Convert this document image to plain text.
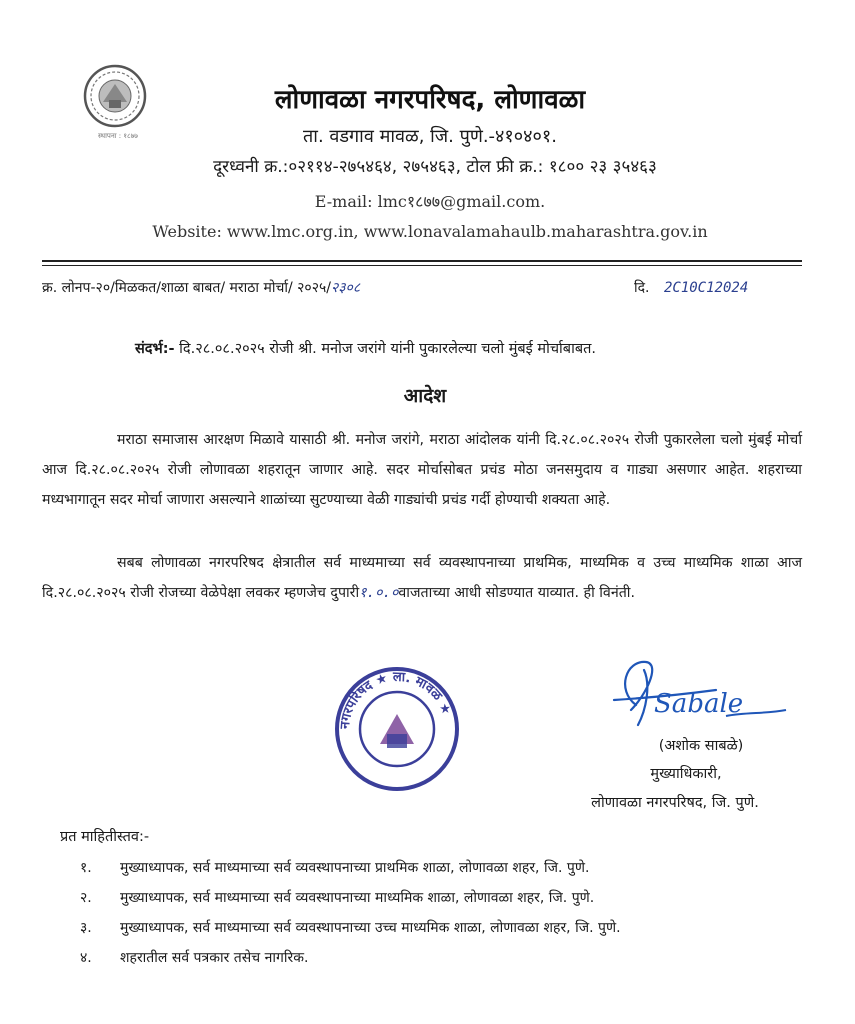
स्थापना : १८७७
लोणावळा नगरपरिषद, लोणावळा
ता. वडगाव मावळ, जि. पुणे.-४१०४०१.
दूरध्वनी क्र.:०२११४-२७५४६४, २७५४६३, टोल फ्री क्र.: १८०० २३ ३५४६३
E-mail: lmc१८७७@gmail.com.
Website: www.lmc.org.in, www.lonavalamahaulb.maharashtra.gov.in
क्र. लोनप-२०/मिळकत/शाळा बाबत/ मराठा मोर्चा/ २०२५/२३०८	दि. 2C10C12024
संदर्भ:- दि.२८.०८.२०२५ रोजी श्री. मनोज जरांगे यांनी पुकारलेल्या चलो मुंबई मोर्चाबाबत.
आदेश
मराठा समाजास आरक्षण मिळावे यासाठी श्री. मनोज जरांगे, मराठा आंदोलक यांनी दि.२८.०८.२०२५ रोजी पुकारलेला चलो मुंबई मोर्चा आज दि.२८.०८.२०२५ रोजी लोणावळा शहरातून जाणार आहे. सदर मोर्चासोबत प्रचंड मोठा जनसमुदाय व गाड्या असणार आहेत. शहराच्या मध्यभागातून सदर मोर्चा जाणारा असल्याने शाळांच्या सुटण्याच्या वेळी गाड्यांची प्रचंड गर्दी होण्याची शक्यता आहे.
सबब लोणावळा नगरपरिषद क्षेत्रातील सर्व माध्यमाच्या सर्व व्यवस्थापनाच्या प्राथमिक, माध्यमिक व उच्च माध्यमिक शाळा आज दि.२८.०८.२०२५ रोजी रोजच्या वेळेपेक्षा लवकर म्हणजेच दुपारी१.०.०वाजताच्या आधी सोडण्यात याव्यात. ही विनंती.
नगरपरिषद ★ ला. मावळ ★	Sabale
(अशोक साबळे)
मुख्याधिकारी,
लोणावळा नगरपरिषद, जि. पुणे.
प्रत माहितीस्तव:-
१.	मुख्याध्यापक, सर्व माध्यमाच्या सर्व व्यवस्थापनाच्या प्राथमिक शाळा, लोणावळा शहर, जि. पुणे.
२.	मुख्याध्यापक, सर्व माध्यमाच्या सर्व व्यवस्थापनाच्या माध्यमिक शाळा, लोणावळा शहर, जि. पुणे.
३.	मुख्याध्यापक, सर्व माध्यमाच्या सर्व व्यवस्थापनाच्या उच्च माध्यमिक शाळा, लोणावळा शहर, जि. पुणे.
४.	शहरातील सर्व पत्रकार तसेच नागरिक.
